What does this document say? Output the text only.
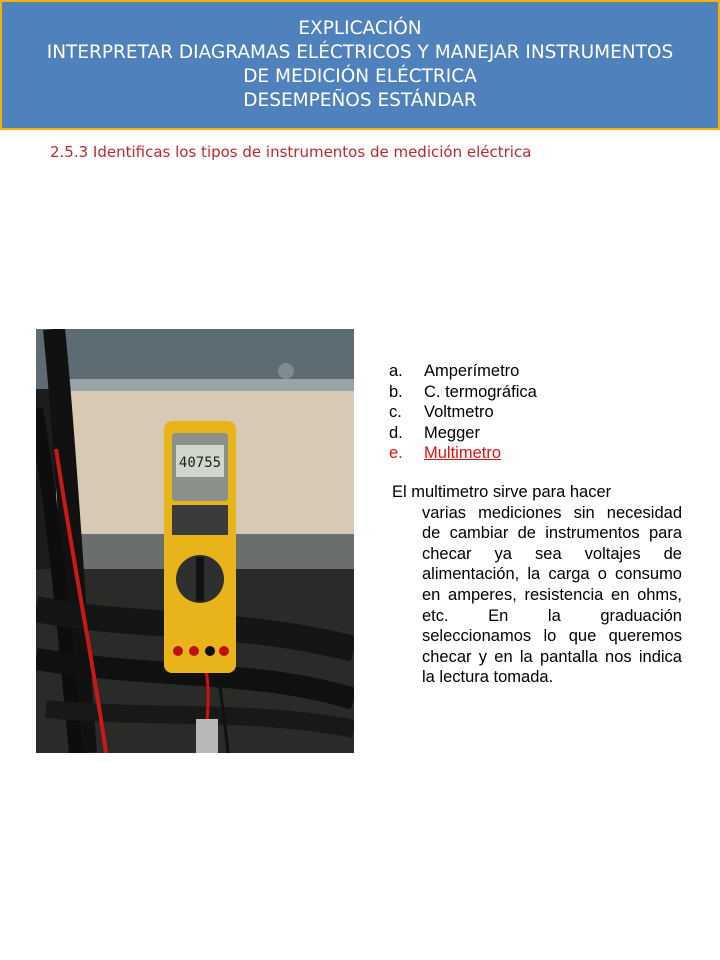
EXPLICACIÓN
INTERPRETAR DIAGRAMAS ELÉCTRICOS Y MANEJAR INSTRUMENTOS
DE MEDICIÓN ELÉCTRICA
DESEMPEÑOS ESTÁNDAR
2.5.3 Identificas los tipos de instrumentos de medición eléctrica
40755
a.	Amperímetro
b.	C. termográfica
c.	Voltmetro
d.	Megger
e.	Multimetro
El multimetro sirve para hacer
varias mediciones sin necesidad de cambiar de instrumentos para checar ya sea voltajes de alimentación, la carga o consumo en amperes, resistencia en ohms, etc. En la graduación seleccionamos lo que queremos checar y en la pantalla nos indica la lectura tomada.
